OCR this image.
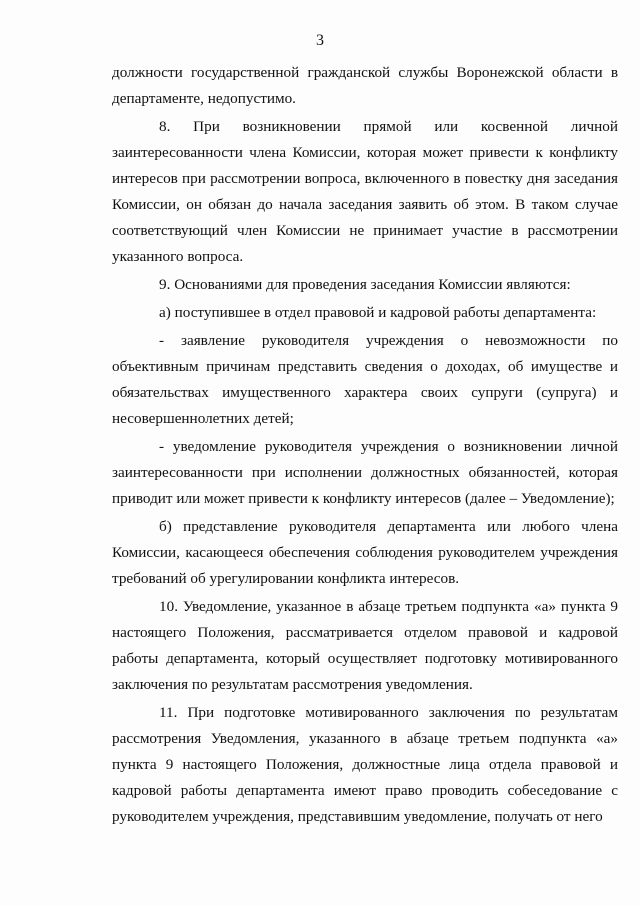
3

должности государственной гражданской службы Воронежской области в департаменте, недопустимо.

8. При возникновении прямой или косвенной личной заинтересованности члена Комиссии, которая может привести к конфликту интересов при рассмотрении вопроса, включенного в повестку дня заседания Комиссии, он обязан до начала заседания заявить об этом. В таком случае соответствующий член Комиссии не принимает участие в рассмотрении указанного вопроса.

9. Основаниями для проведения заседания Комиссии являются:

а) поступившее в отдел правовой и кадровой работы департамента:

- заявление руководителя учреждения о невозможности по объективным причинам представить сведения о доходах, об имуществе и обязательствах имущественного характера своих супруги (супруга) и несовершеннолетних детей;

- уведомление руководителя учреждения о возникновении личной заинтересованности при исполнении должностных обязанностей, которая приводит или может привести к конфликту интересов (далее – Уведомление);

б) представление руководителя департамента или любого члена Комиссии, касающееся обеспечения соблюдения руководителем учреждения требований об урегулировании конфликта интересов.

10. Уведомление, указанное в абзаце третьем подпункта «а» пункта 9 настоящего Положения, рассматривается отделом правовой и кадровой работы департамента, который осуществляет подготовку мотивированного заключения по результатам рассмотрения уведомления.

11. При подготовке мотивированного заключения по результатам рассмотрения Уведомления, указанного в абзаце третьем подпункта «а» пункта 9 настоящего Положения, должностные лица отдела правовой и кадровой работы департамента имеют право проводить собеседование с руководителем учреждения, представившим уведомление, получать от него
